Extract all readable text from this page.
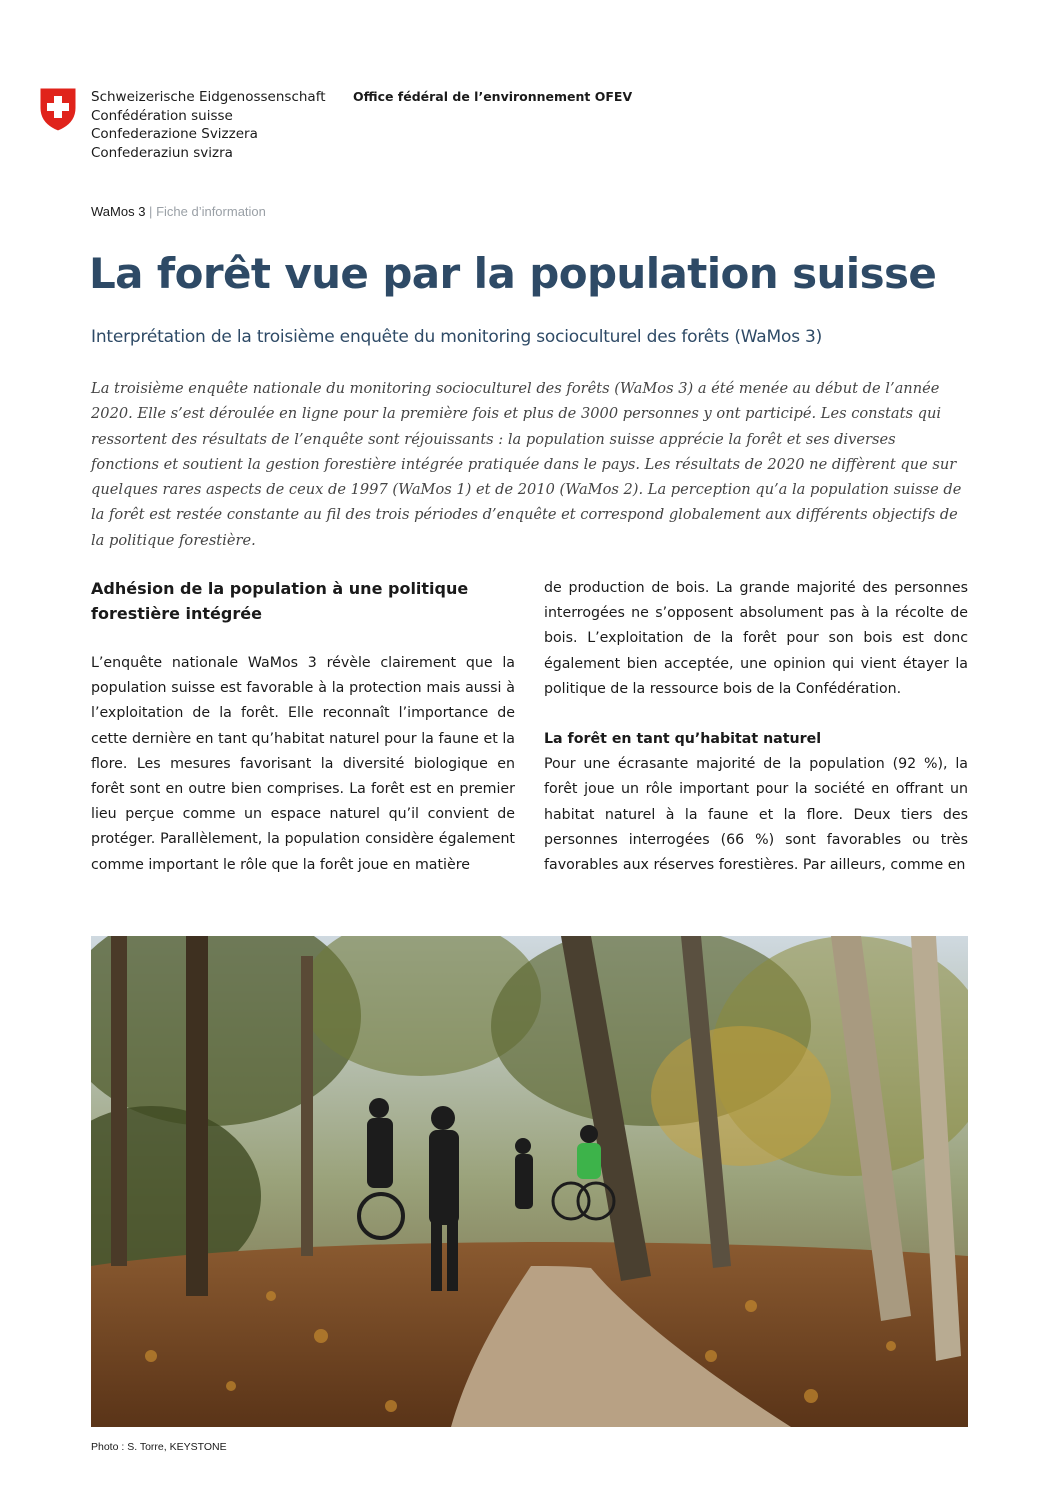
Schweizerische Eidgenossenschaft
Confédération suisse
Confederazione Svizzera
Confederaziun svizra
Office fédéral de l’environnement OFEV
WaMos 3 | Fiche d’information
La forêt vue par la population suisse
Interprétation de la troisième enquête du monitoring socioculturel des forêts (WaMos 3)

La troisième enquête nationale du monitoring socioculturel des forêts (WaMos 3) a été menée au début de l’année 2020. Elle s’est déroulée en ligne pour la première fois et plus de 3000 personnes y ont participé. Les constats qui ressortent des résultats de l’enquête sont réjouissants : la population suisse apprécie la forêt et ses diverses fonctions et soutient la gestion forestière intégrée pratiquée dans le pays. Les résultats de 2020 ne diffèrent que sur quelques rares aspects de ceux de 1997 (WaMos 1) et de 2010 (WaMos 2). La perception qu’a la population suisse de la forêt est restée constante au fil des trois périodes d’enquête et correspond globalement aux différents objectifs de la politique forestière.

Adhésion de la population à une politique forestière intégrée

L’enquête nationale WaMos 3 révèle clairement que la population suisse est favorable à la protection mais aussi à l’exploitation de la forêt. Elle reconnaît l’importance de cette dernière en tant qu’habitat naturel pour la faune et la flore. Les mesures favorisant la diversité biologique en forêt sont en outre bien comprises. La forêt est en premier lieu perçue comme un espace naturel qu’il convient de protéger. Parallèlement, la population considère également comme important le rôle que la forêt joue en matière

de production de bois. La grande majorité des personnes interrogées ne s’opposent absolument pas à la récolte de bois. L’exploitation de la forêt pour son bois est donc également bien acceptée, une opinion qui vient étayer la politique de la ressource bois de la Confédération.

La forêt en tant qu’habitat naturel

Pour une écrasante majorité de la population (92 %), la forêt joue un rôle important pour la société en offrant un habitat naturel à la faune et la flore. Deux tiers des personnes interrogées (66 %) sont favorables ou très favorables aux réserves forestières. Par ailleurs, comme en

Photo : S. Torre, KEYSTONE
